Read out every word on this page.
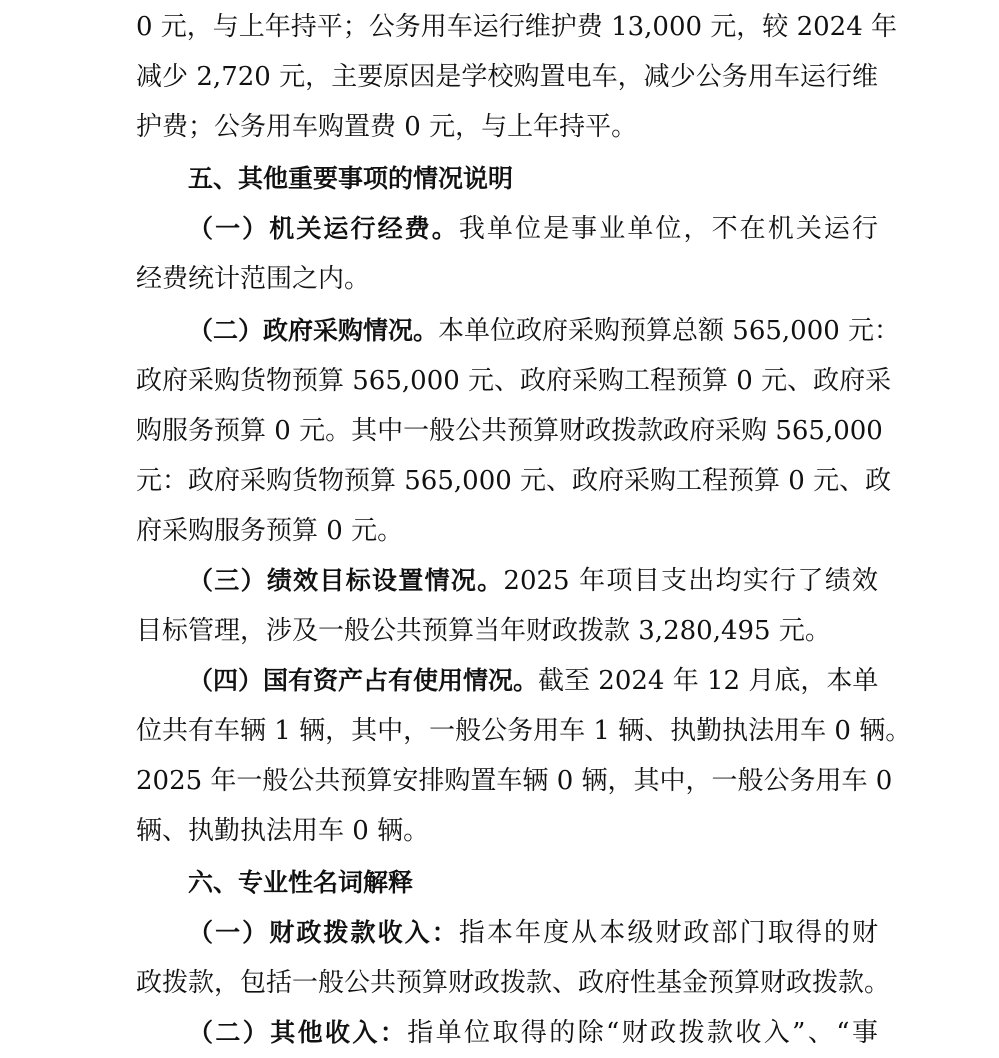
0 元，与上年持平；公务用车运行维护费 13,000 元，较 2024 年
减少 2,720 元，主要原因是学校购置电车，减少公务用车运行维
护费；公务用车购置费 0 元，与上年持平。
五、其他重要事项的情况说明
（一）机关运行经费。我单位是事业单位，不在机关运行
经费统计范围之内。
（二）政府采购情况。本单位政府采购预算总额 565,000 元：
政府采购货物预算 565,000 元、政府采购工程预算 0 元、政府采
购服务预算 0 元。其中一般公共预算财政拨款政府采购 565,000
元：政府采购货物预算 565,000 元、政府采购工程预算 0 元、政
府采购服务预算 0 元。
（三）绩效目标设置情况。2025 年项目支出均实行了绩效
目标管理，涉及一般公共预算当年财政拨款 3,280,495 元。
（四）国有资产占有使用情况。截至 2024 年 12 月底，本单
位共有车辆 1 辆，其中，一般公务用车 1 辆、执勤执法用车 0 辆。
2025 年一般公共预算安排购置车辆 0 辆，其中，一般公务用车 0
辆、执勤执法用车 0 辆。
六、专业性名词解释
（一）财政拨款收入：指本年度从本级财政部门取得的财
政拨款，包括一般公共预算财政拨款、政府性基金预算财政拨款。
（二）其他收入：指单位取得的除“财政拨款收入”、“事
